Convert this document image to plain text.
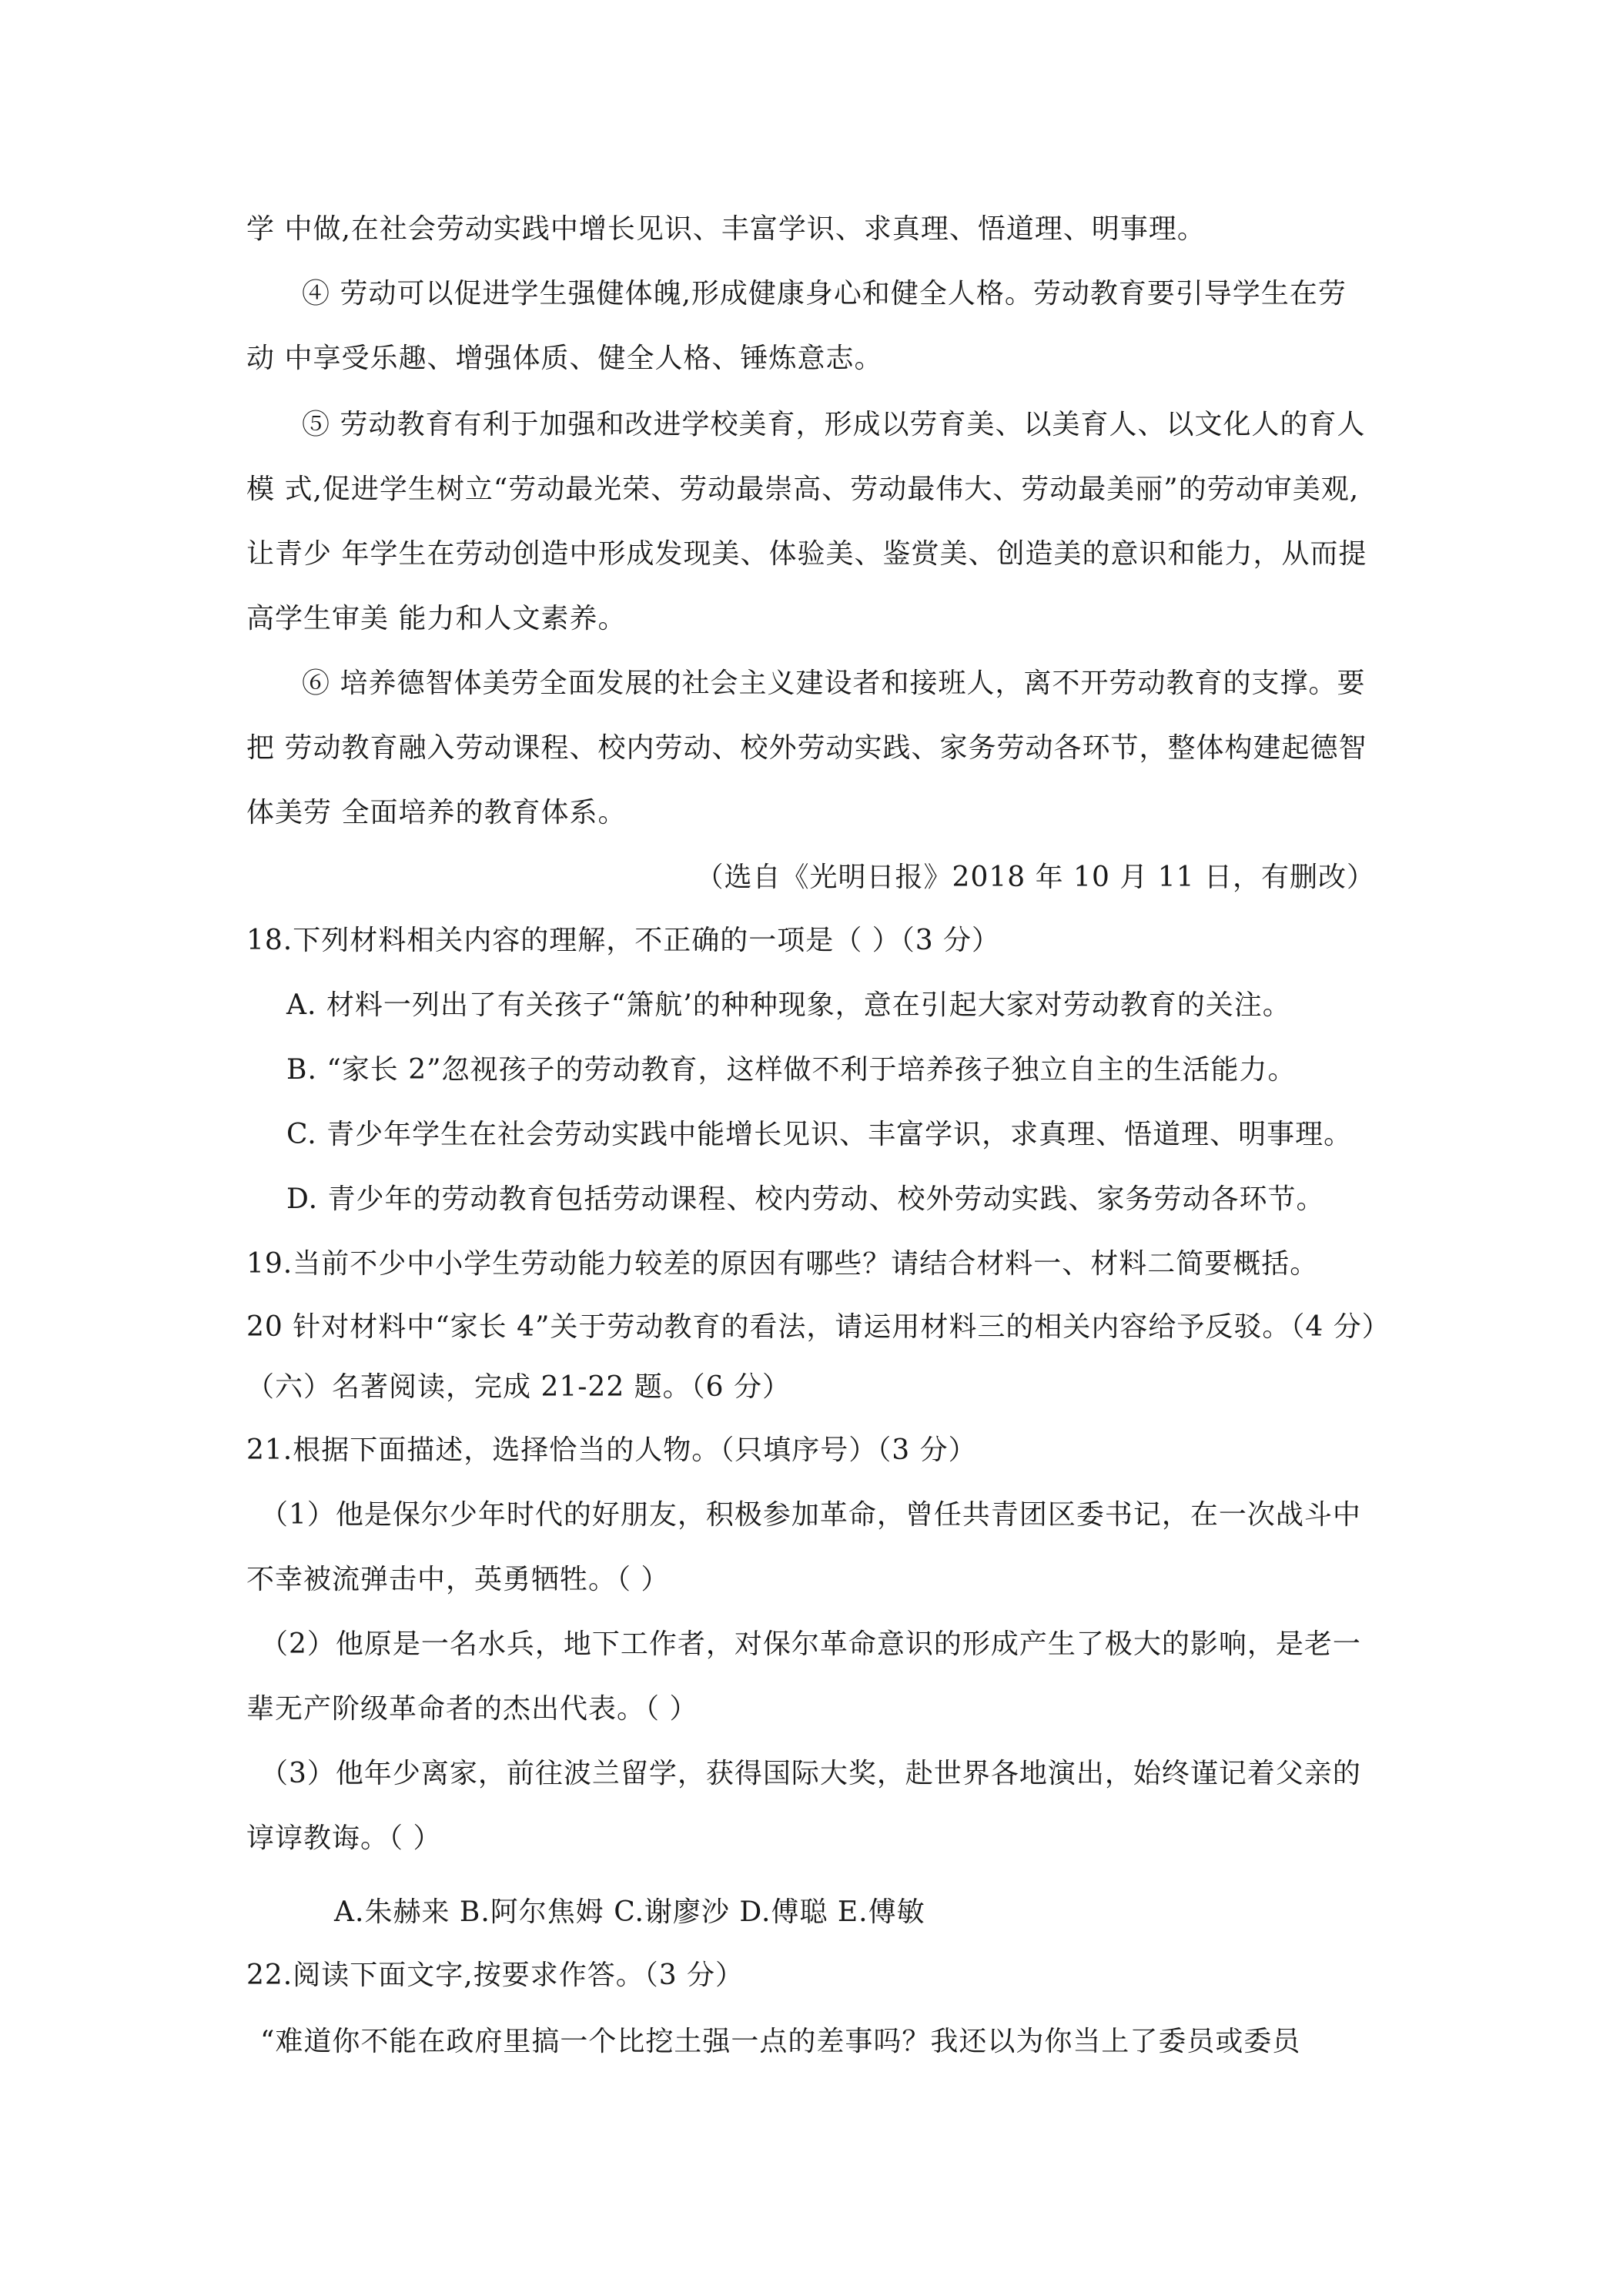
学 中做,在社会劳动实践中增长见识、丰富学识、求真理、悟道理、明事理。
④ 劳动可以促进学生强健体魄,形成健康身心和健全人格。劳动教育要引导学生在劳
动 中享受乐趣、增强体质、健全人格、锤炼意志。
⑤ 劳动教育有利于加强和改进学校美育，形成以劳育美、以美育人、以文化人的育人
模 式,促进学生树立“劳动最光荣、劳动最崇高、劳动最伟大、劳动最美丽”的劳动审美观,
让青少 年学生在劳动创造中形成发现美、体验美、鉴赏美、创造美的意识和能力，从而提
高学生审美 能力和人文素养。
⑥ 培养德智体美劳全面发展的社会主义建设者和接班人，离不开劳动教育的支撑。要
把 劳动教育融入劳动课程、校内劳动、校外劳动实践、家务劳动各环节，整体构建起德智
体美劳 全面培养的教育体系。
（选自《光明日报》2018 年 10 月 11 日，有删改）
18.下列材料相关内容的理解，不正确的一项是（ ）（3 分）
A. 材料一列出了有关孩子“箫航’的种种现象，意在引起大家对劳动教育的关注。
B. “家长 2”忽视孩子的劳动教育，这样做不利于培养孩子独立自主的生活能力。
C. 青少年学生在社会劳动实践中能增长见识、丰富学识，求真理、悟道理、明事理。
D. 青少年的劳动教育包括劳动课程、校内劳动、校外劳动实践、家务劳动各环节。
19.当前不少中小学生劳动能力较差的原因有哪些？请结合材料一、材料二简要概括。
20 针对材料中“家长 4”关于劳动教育的看法，请运用材料三的相关内容给予反驳。（4 分）
（六）名著阅读，完成 21-22 题。（6 分）
21.根据下面描述，选择恰当的人物。（只填序号）（3 分）
（1）他是保尔少年时代的好朋友，积极参加革命，曾任共青团区委书记，在一次战斗中
不幸被流弹击中，英勇牺牲。（ ）
（2）他原是一名水兵，地下工作者，对保尔革命意识的形成产生了极大的影响，是老一
辈无产阶级革命者的杰出代表。（ ）
（3）他年少离家，前往波兰留学，获得国际大奖，赴世界各地演出，始终谨记着父亲的
谆谆教诲。（ ）
A.朱赫来 B.阿尔焦姆 C.谢廖沙 D.傅聪 E.傅敏
22.阅读下面文字,按要求作答。（3 分）
“难道你不能在政府里搞一个比挖土强一点的差事吗？我还以为你当上了委员或委员
